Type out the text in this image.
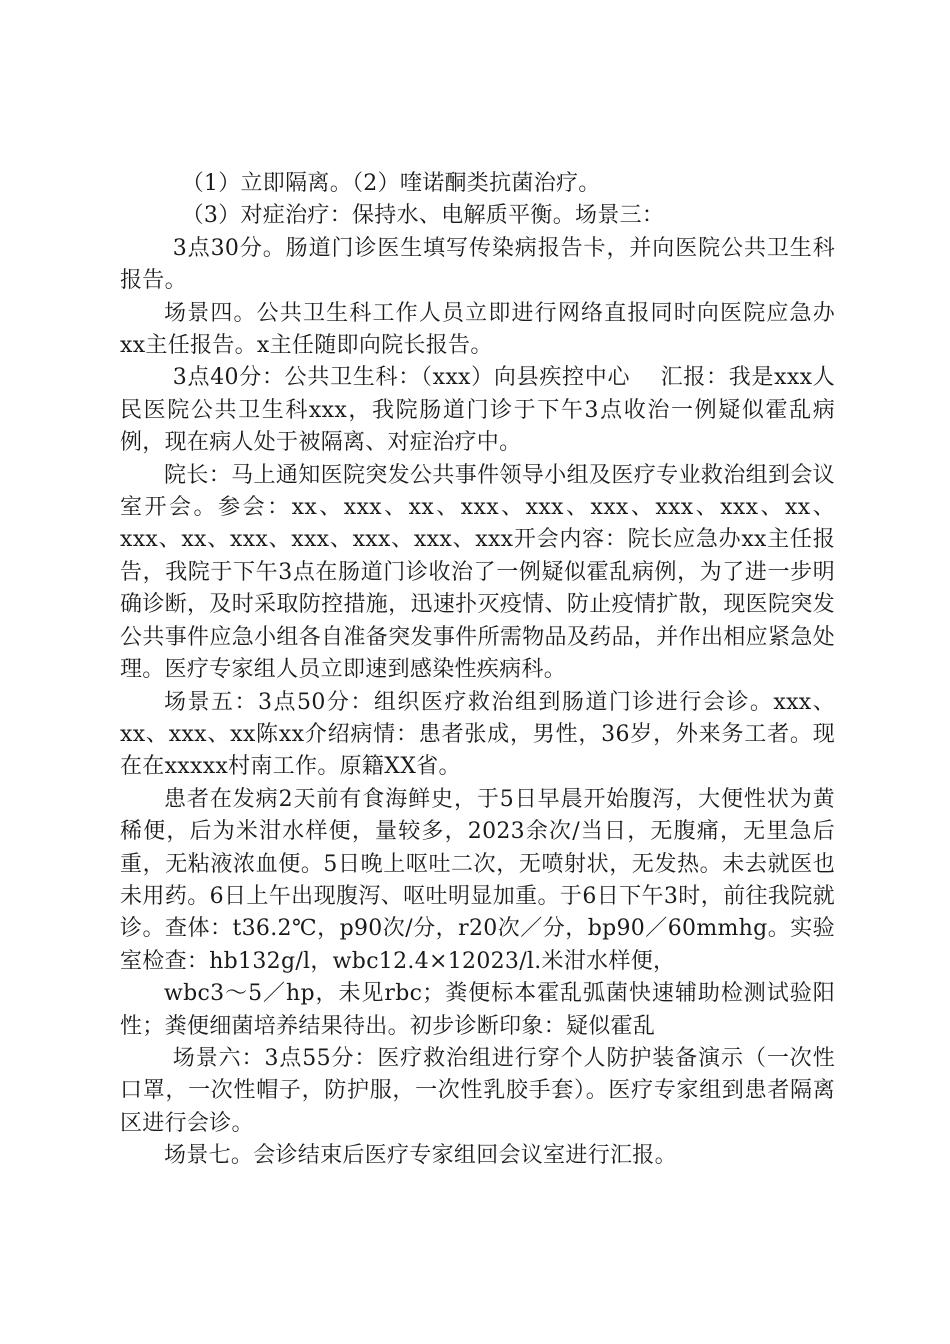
（1）立即隔离。（2）喹诺酮类抗菌治疗。

（3）对症治疗：保持水、电解质平衡。场景三：

3点30分。肠道门诊医生填写传染病报告卡，并向医院公共卫生科报告。

场景四。公共卫生科工作人员立即进行网络直报同时向医院应急办xx主任报告。x主任随即向院长报告。

3点40分：公共卫生科：（xxx）向县疾控中心　 汇报：我是xxx人民医院公共卫生科xxx，我院肠道门诊于下午3点收治一例疑似霍乱病例，现在病人处于被隔离、对症治疗中。

院长：马上通知医院突发公共事件领导小组及医疗专业救治组到会议室开会。参会：xx、xxx、xx、xxx、xxx、xxx、xxx、xxx、xx、xxx、xx、xxx、xxx、xxx、xxx、xxx开会内容：院长应急办xx主任报告，我院于下午3点在肠道门诊收治了一例疑似霍乱病例，为了进一步明确诊断，及时采取防控措施，迅速扑灭疫情、防止疫情扩散，现医院突发公共事件应急小组各自准备突发事件所需物品及药品，并作出相应紧急处理。医疗专家组人员立即速到感染性疾病科。

场景五：3点50分：组织医疗救治组到肠道门诊进行会诊。xxx、xx、xxx、xx陈xx介绍病情：患者张成，男性，36岁，外来务工者。现在在xxxxx村南工作。原籍XX省。

患者在发病2天前有食海鲜史，于5日早晨开始腹泻，大便性状为黄稀便，后为米泔水样便，量较多，2023余次/当日，无腹痛，无里急后重，无粘液浓血便。5日晚上呕吐二次，无喷射状，无发热。未去就医也未用药。6日上午出现腹泻、呕吐明显加重。于6日下午3时，前往我院就诊。查体：t36.2℃，p90次/分，r20次／分，bp90／60mmhg。实验室检查：hb132g/l，wbc12.4×12023/l.米泔水样便，

wbc3～5／hp，未见rbc；粪便标本霍乱弧菌快速辅助检测试验阳性；粪便细菌培养结果待出。初步诊断印象：疑似霍乱

场景六：3点55分：医疗救治组进行穿个人防护装备演示（一次性口罩，一次性帽子，防护服，一次性乳胶手套）。医疗专家组到患者隔离区进行会诊。

场景七。会诊结束后医疗专家组回会议室进行汇报。
